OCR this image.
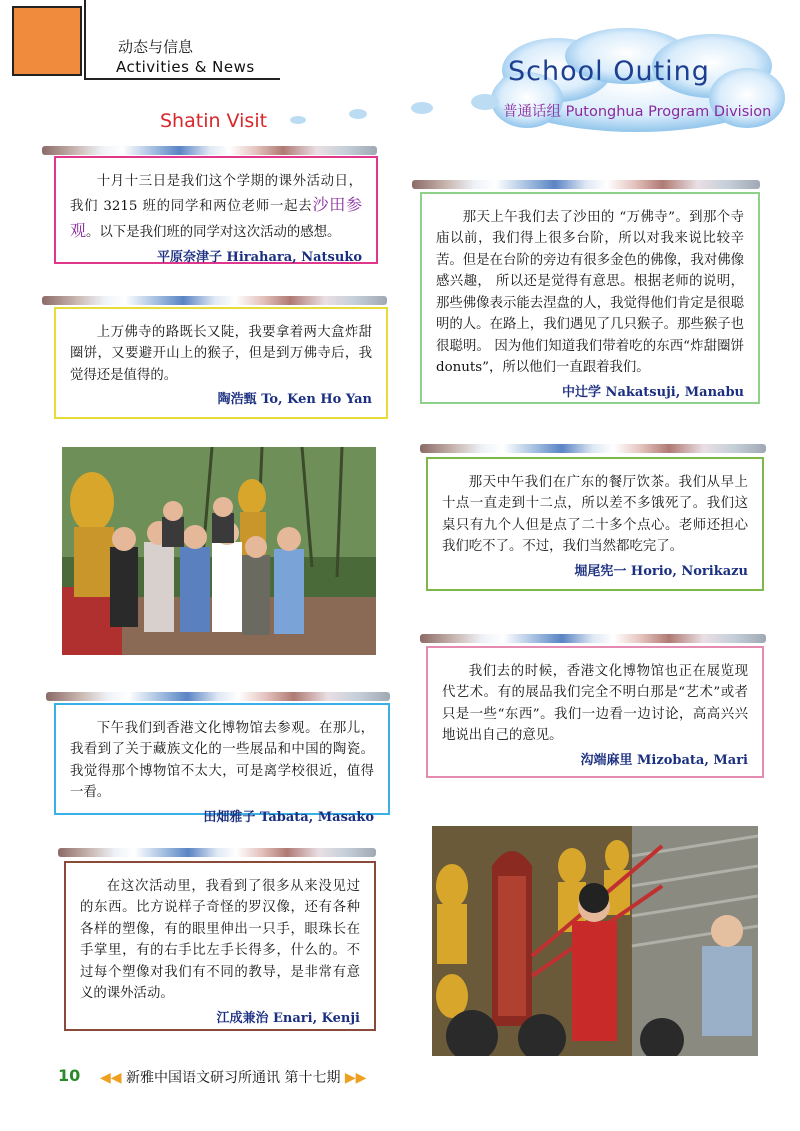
动态与信息
Activities & News	School Outing
普通话组 Putonghua Program Division
Shatin Visit

十月十三日是我们这个学期的课外活动日，我们 3215 班的同学和两位老师一起去沙田参观。以下是我们班的同学对这次活动的感想。

平原奈津子 Hirahara, Natsuko

上万佛寺的路既长又陡，我要拿着两大盒炸甜圈饼，又要避开山上的猴子，但是到万佛寺后，我觉得还是值得的。

陶浩甄 To, Ken Ho Yan

那天上午我们去了沙田的 “万佛寺”。到那个寺庙以前，我们得上很多台阶，所以对我来说比较辛苦。但是在台阶的旁边有很多金色的佛像，我对佛像感兴趣， 所以还是觉得有意思。根据老师的说明，那些佛像表示能去涅盘的人，我觉得他们肯定是很聪明的人。在路上，我们遇见了几只猴子。那些猴子也很聪明。 因为他们知道我们带着吃的东西“炸甜圈饼donuts”，所以他们一直跟着我们。

中辻学 Nakatsuji, Manabu

那天中午我们在广东的餐厅饮茶。我们从早上十点一直走到十二点，所以差不多饿死了。我们这桌只有九个人但是点了二十多个点心。老师还担心我们吃不了。不过，我们当然都吃完了。

堀尾宪一 Horio, Norikazu

我们去的时候，香港文化博物馆也正在展览现代艺术。有的展品我们完全不明白那是“艺术”或者只是一些“东西”。我们一边看一边讨论，高高兴兴地说出自己的意见。

沟端麻里 Mizobata, Mari

下午我们到香港文化博物馆去参观。在那儿，我看到了关于藏族文化的一些展品和中国的陶瓷。我觉得那个博物馆不太大，可是离学校很近，值得一看。

田畑雅子 Tabata, Masako

在这次活动里，我看到了很多从来没见过的东西。比方说样子奇怪的罗汉像，还有各种各样的塑像，有的眼里伸出一只手，眼珠长在手掌里，有的右手比左手长得多，什么的。不过每个塑像对我们有不同的教导，是非常有意义的课外活动。

江成兼治 Enari, Kenji
10 ◀◀ 新雅中国语文研习所通讯 第十七期 ▶▶
